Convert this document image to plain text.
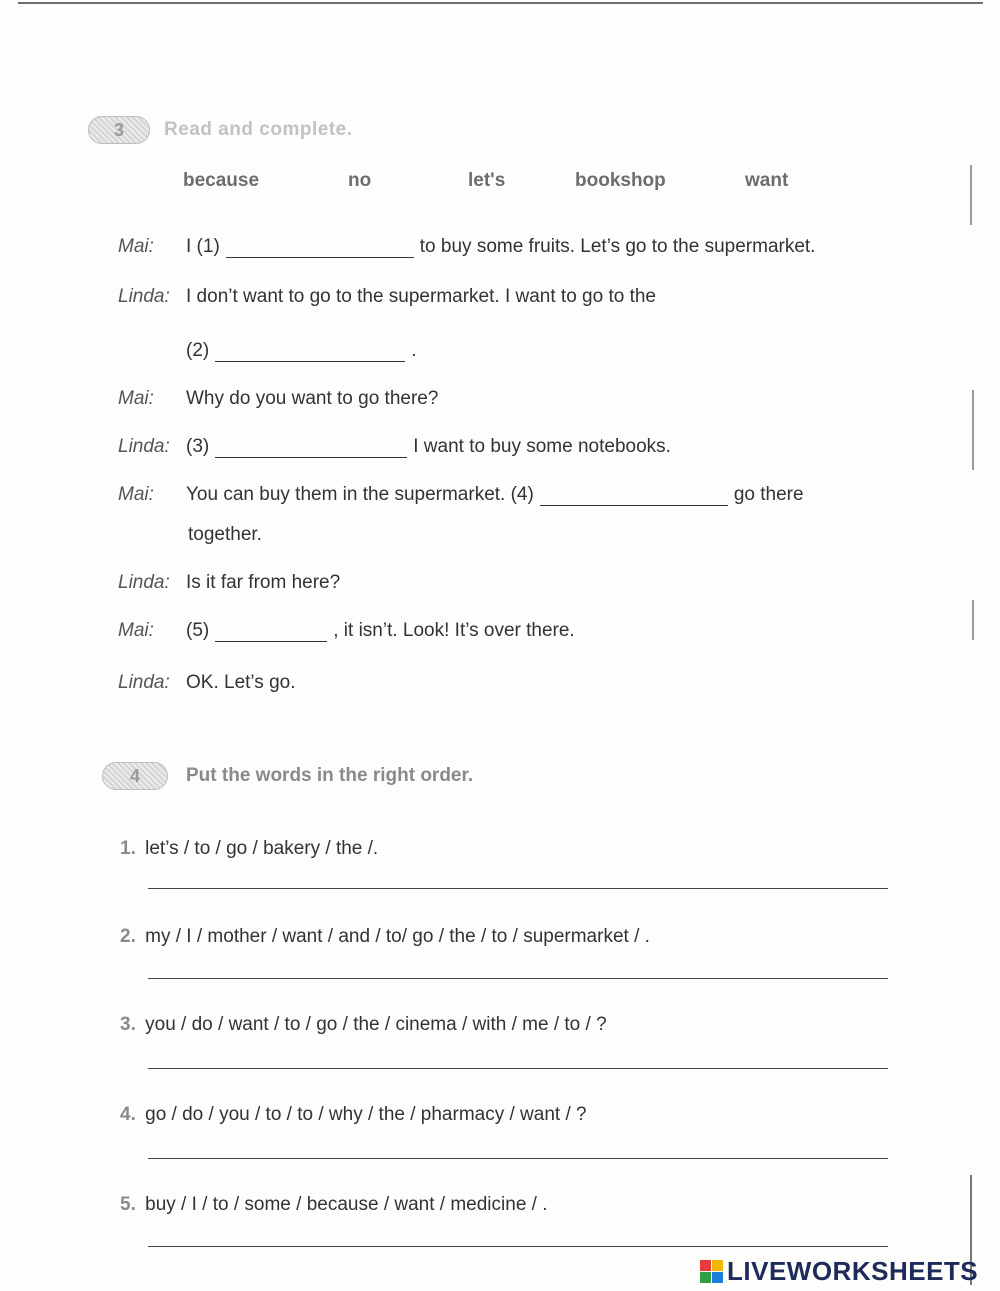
3	Read and complete.
because	no	let's	bookshop	want
Mai:	I (1)	to buy some fruits. Let’s go to the supermarket.
Linda: I don’t want to go to the supermarket. I want to go to the
(2)	.
Mai:	Why do you want to go there?
Linda: (3)	I want to buy some notebooks.
Mai:	You can buy them in the supermarket. (4)	go there
together.
Linda: Is it far from here?
Mai:	(5)	, it isn’t. Look! It’s over there.
Linda: OK. Let’s go.
4	Put the words in the right order.
1. let’s / to / go / bakery / the /.
2. my / I / mother / want / and / to/ go / the / to / supermarket / .
3. you / do / want / to / go / the / cinema / with / me / to / ?
4. go / do / you / to / to / why / the / pharmacy / want / ?
5. buy / I / to / some / because / want / medicine / .
LIVEWORKSHEETS
